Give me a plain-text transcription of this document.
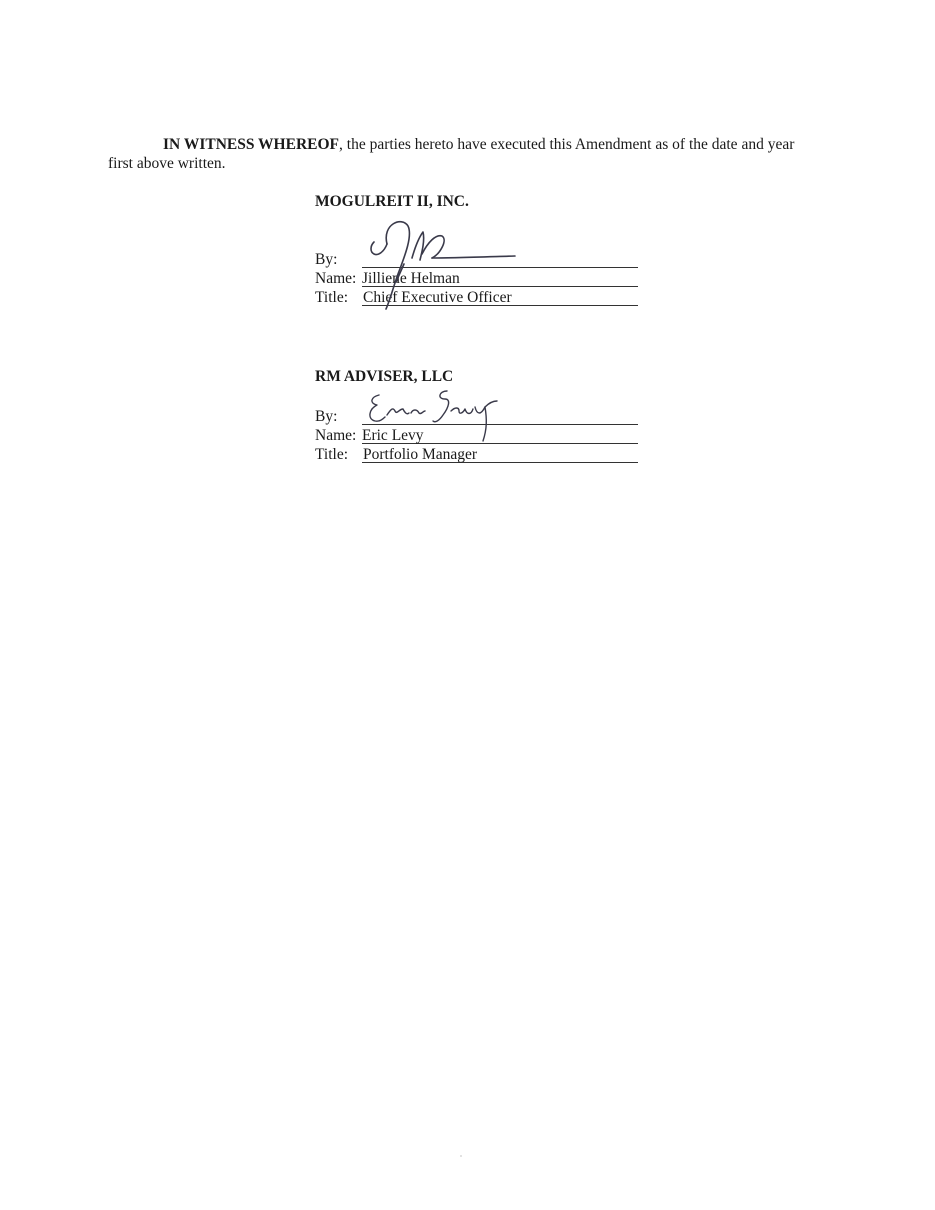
IN WITNESS WHEREOF, the parties hereto have executed this Amendment as of the date and year first above written.

MOGULREIT II, INC.

By:
Name: Jilliene Helman
Title: Chief Executive Officer

RM ADVISER, LLC

By:
Name: Eric Levy
Title: Portfolio Manager
